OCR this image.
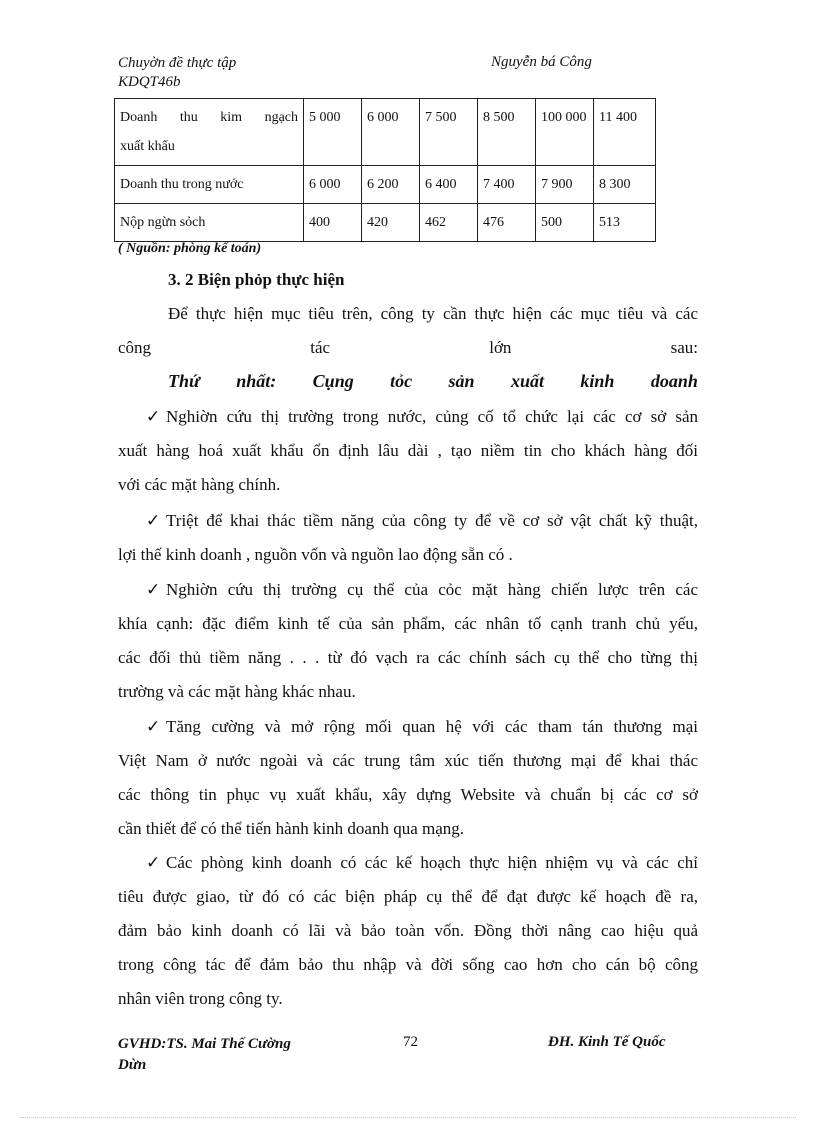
Chuyờn đề thực tập
KDQT46b
Nguyễn bá Công
Doanh thu kim ngạch
xuất khẩu	5 000	6 000	7 500	8 500	100 000	11 400
Doanh thu trong nước	6 000	6 200	6 400	7 400	7 900	8 300
Nộp ngừn sỏch	400	420	462	476	500	513
( Nguồn: phòng kế toán)
3. 2 Biện phỏp thực hiện
Để thực hiện mục tiêu trên, công ty cần thực hiện các mục tiêu và các
công	tác	lớn	sau:
Thứ nhất: Cụng tỏc sản xuất kinh doanh
✓ Nghiờn cứu thị trường trong nước, củng cố tổ chức lại các cơ sở sản
xuất hàng hoá xuất khẩu ổn định lâu dài , tạo niềm tin cho khách hàng đối
với các mặt hàng chính.
✓ Triệt để khai thác tiềm năng của công ty để về cơ sở vật chất kỹ thuật,
lợi thế kinh doanh , nguồn vốn và nguồn lao động sẵn có .
✓ Nghiờn cứu thị trường cụ thể của cỏc mặt hàng chiến lược trên các
khía cạnh: đặc điểm kinh tế của sản phẩm, các nhân tố cạnh tranh chủ yếu,
các đối thủ tiềm năng . . . từ đó vạch ra các chính sách cụ thể cho từng thị
trường và các mặt hàng khác nhau.
✓ Tăng cường và mở rộng mối quan hệ với các tham tán thương mại
Việt Nam ở nước ngoài và các trung tâm xúc tiến thương mại để khai thác
các thông tin phục vụ xuất khẩu, xây dựng Website và chuẩn bị các cơ sở
cần thiết để có thể tiến hành kinh doanh qua mạng.
✓ Các phòng kinh doanh có các kế hoạch thực hiện nhiệm vụ và các chỉ
tiêu được giao, từ đó có các biện pháp cụ thể để đạt được kế hoạch đề ra,
đảm bảo kinh doanh có lãi và bảo toàn vốn. Đồng thời nâng cao hiệu quả
trong công tác để đảm bảo thu nhập và đời sống cao hơn cho cán bộ công
nhân viên trong công ty.
GVHD:TS. Mai Thế Cường
Dừn
72	ĐH. Kinh Tế Quốc
